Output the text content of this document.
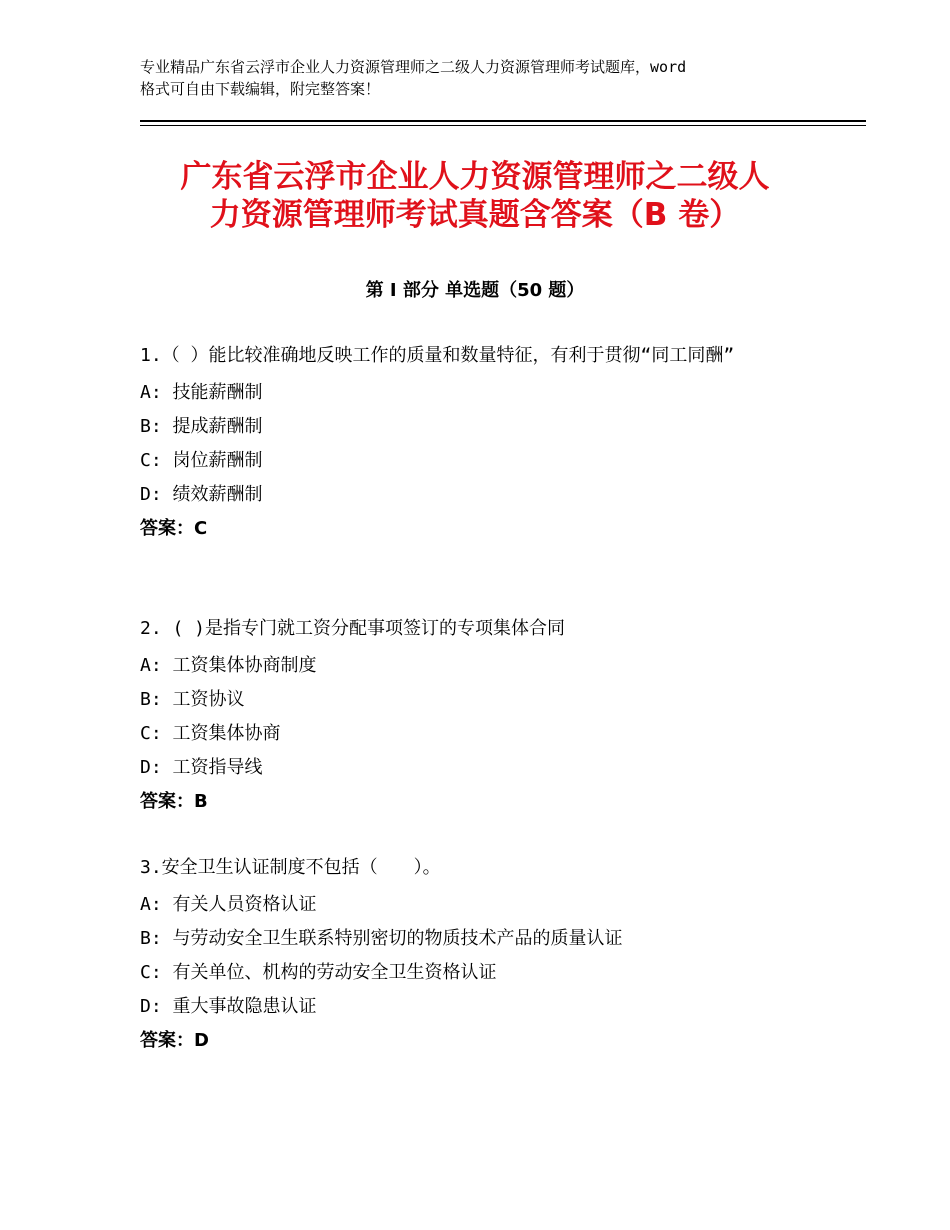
专业精品广东省云浮市企业人力资源管理师之二级人力资源管理师考试题库，word
格式可自由下载编辑，附完整答案！
广东省云浮市企业人力资源管理师之二级人
力资源管理师考试真题含答案（B 卷）
第 I 部分 单选题（50 题）
1.（ ）能比较准确地反映工作的质量和数量特征，有利于贯彻“同工同酬”
A: 技能薪酬制
B: 提成薪酬制
C: 岗位薪酬制
D: 绩效薪酬制
答案：C
2. ( )是指专门就工资分配事项签订的专项集体合同
A: 工资集体协商制度
B: 工资协议
C: 工资集体协商
D: 工资指导线
答案：B
3.安全卫生认证制度不包括（　　）。
A: 有关人员资格认证
B: 与劳动安全卫生联系特别密切的物质技术产品的质量认证
C: 有关单位、机构的劳动安全卫生资格认证
D: 重大事故隐患认证
答案：D
